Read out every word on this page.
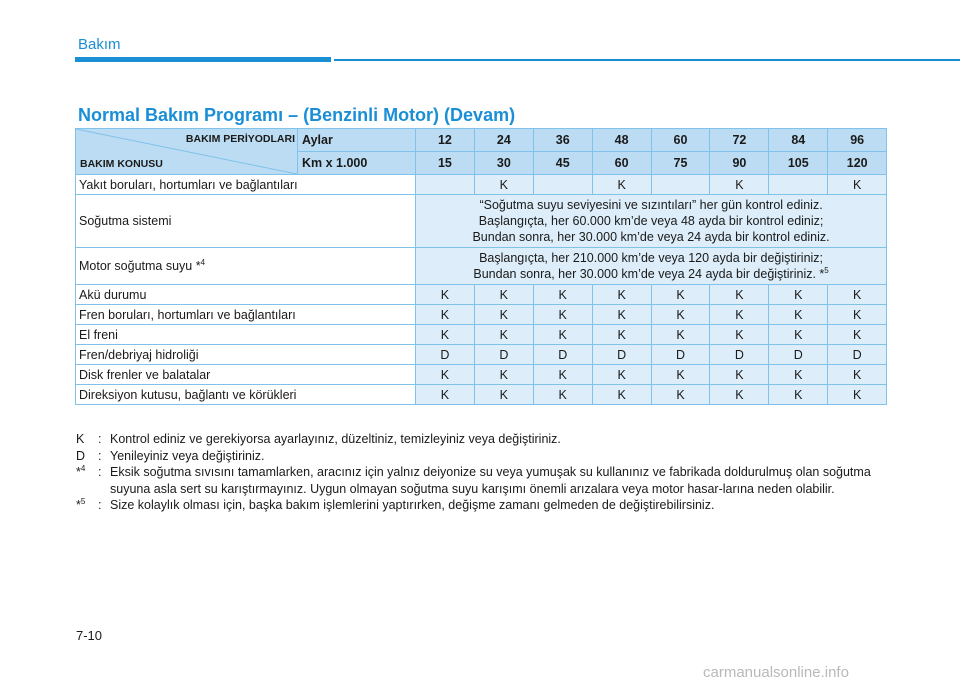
Bakım
Normal Bakım Programı – (Benzinli Motor) (Devam)
BAKIM PERİYODLARI
BAKIM KONUSU	Aylar	12	24	36	48	60	72	84	96
	Km x 1.000	15	30	45	60	75	90	105	120
Yakıt boruları, hortumları ve bağlantıları			K		K		K		K
Soğutma sistemi		“Soğutma suyu seviyesini ve sızıntıları” her gün kontrol ediniz.
Başlangıçta, her 60.000 km’de veya 48 ayda bir kontrol ediniz;
Bundan sonra, her 30.000 km’de veya 24 ayda bir kontrol ediniz.							

Motor soğutma suyu *$^4$		Başlangıçta, her 210.000 km’de veya 120 ayda bir değiştiriniz;
Bundan sonra, her 30.000 km’de veya 24 ayda bir değiştiriniz. *$^5$

Akü durumu		K	K	K	K	K	K	K	K
Fren boruları, hortumları ve bağlantıları		K	K	K	K	K	K	K	K
El freni		K	K	K	K	K	K	K	K
Fren/debriyaj hidroliği		D	D	D	D	D	D	D	D
Disk frenler ve balatalar		K	K	K	K	K	K	K	K
Direksiyon kutusu, bağlantı ve körükleri		K	K	K	K	K	K	K	K
K	: Kontrol ediniz ve gerekiyorsa ayarlayınız, düzeltiniz, temizleyiniz veya değiştiriniz.
D	: Yenileyiniz veya değiştiriniz.
*$^4$	: Eksik soğutma sıvısını tamamlarken, aracınız için yalnız deiyonize su veya yumuşak su kullanınız ve fabrikada doldurulmuş olan soğutma suyuna asla sert su karıştırmayınız. Uygun olmayan soğutma suyu karışımı önemli arızalara veya motor hasar-larına neden olabilir.
*$^5$	: Size kolaylık olması için, başka bakım işlemlerini yaptırırken, değişme zamanı gelmeden de değiştirebilirsiniz.
7-10
carmanualsonline.info
